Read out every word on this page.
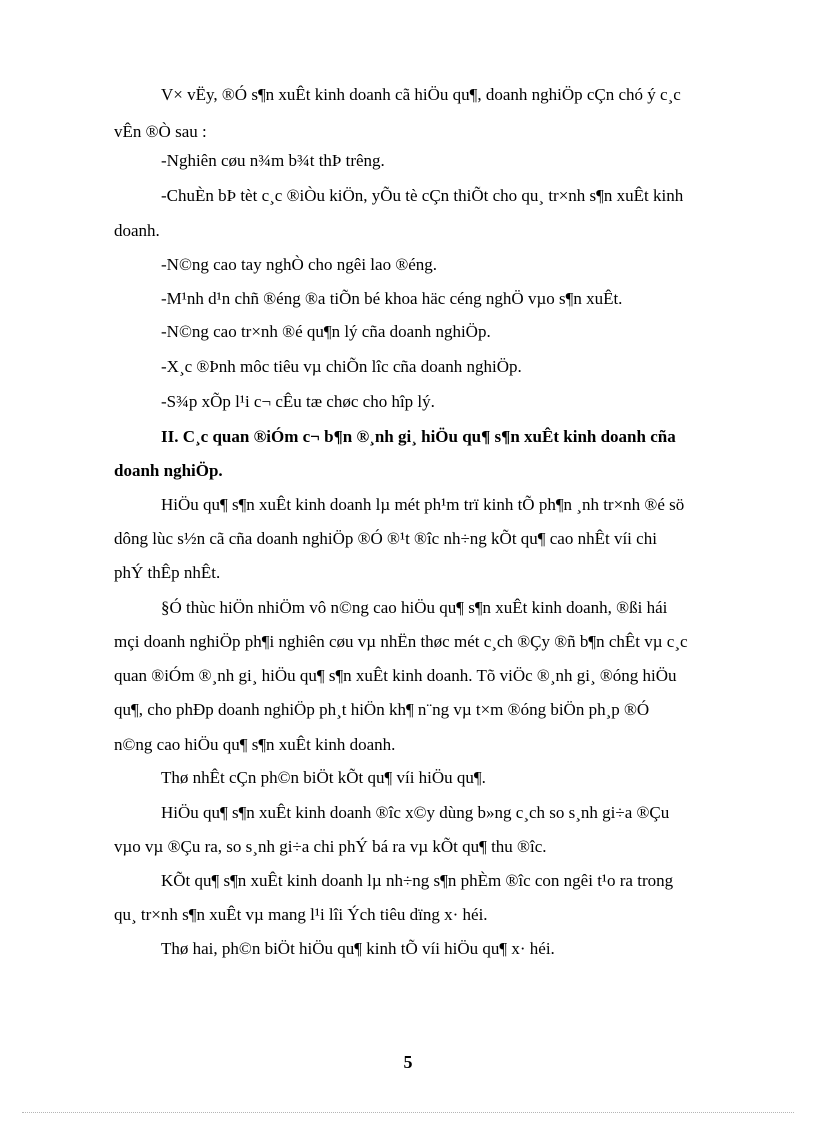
V× vËy, ®Ó s¶n xuÊt kinh doanh cã hiÖu qu¶, doanh nghiÖp cÇn chó ý c¸c

vÊn ®Ò sau :

-Nghiên cøu n¾m b¾t thÞ trêng.

-ChuÈn bÞ tèt c¸c ®iÒu kiÖn, yÕu tè cÇn thiÕt cho qu¸ tr×nh s¶n xuÊt kinh

doanh.

-N©ng cao tay nghÒ cho ngêi lao ®éng.

-M¹nh d¹n chñ ®éng ®a tiÕn bé khoa häc céng nghÖ vµo s¶n xuÊt.

-N©ng cao tr×nh ®é qu¶n lý cña doanh nghiÖp.

-X¸c ®Þnh môc tiêu vµ chiÕn lîc cña doanh nghiÖp.

-S¾p xÕp l¹i c¬ cÊu tæ chøc cho hîp lý.

II. C¸c quan ®iÓm c¬ b¶n ®¸nh gi¸ hiÖu qu¶ s¶n xuÊt kinh doanh cña

doanh nghiÖp.

HiÖu qu¶ s¶n xuÊt kinh doanh lµ mét ph¹m trï kinh tÕ ph¶n ¸nh tr×nh ®é sö

dông lùc s½n cã cña doanh nghiÖp ®Ó ®¹t ®îc nh÷ng kÕt qu¶ cao nhÊt víi chi

phÝ thÊp nhÊt.

§Ó thùc hiÖn nhiÖm vô n©ng cao hiÖu qu¶ s¶n xuÊt kinh doanh, ®ßi hái

mçi doanh nghiÖp ph¶i nghiên cøu vµ nhËn thøc mét c¸ch ®Çy ®ñ b¶n chÊt vµ c¸c

quan ®iÓm ®¸nh gi¸ hiÖu qu¶ s¶n xuÊt kinh doanh. Tõ viÖc ®¸nh gi¸ ®óng hiÖu

qu¶, cho phÐp doanh nghiÖp ph¸t hiÖn kh¶ n¨ng vµ t×m ®óng biÖn ph¸p ®Ó

n©ng cao hiÖu qu¶ s¶n xuÊt kinh doanh.

Thø nhÊt cÇn ph©n biÖt kÕt qu¶ víi hiÖu qu¶.

HiÖu qu¶ s¶n xuÊt kinh doanh ®îc x©y dùng b»ng c¸ch so s¸nh gi÷a ®Çu

vµo vµ ®Çu ra, so s¸nh gi÷a chi phÝ bá ra vµ kÕt qu¶ thu ®îc.

KÕt qu¶ s¶n xuÊt kinh doanh lµ nh÷ng s¶n phÈm ®îc con ngêi t¹o ra trong

qu¸ tr×nh s¶n xuÊt vµ mang l¹i lîi Ých tiêu dïng x· héi.

Thø hai, ph©n biÖt hiÖu qu¶ kinh tÕ víi hiÖu qu¶ x· héi.

5
